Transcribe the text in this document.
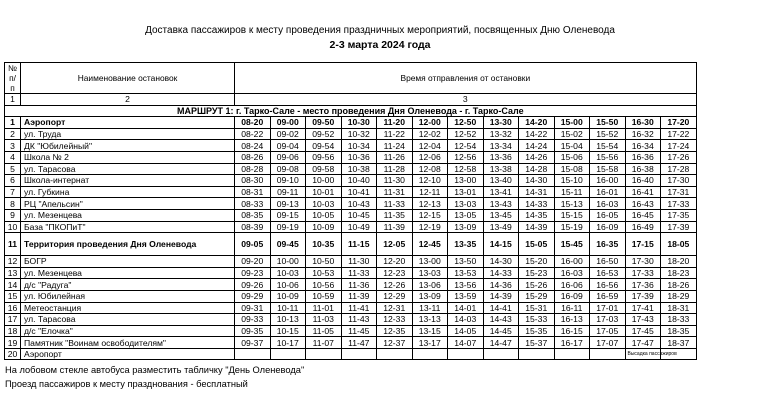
Доставка пассажиров к месту проведения праздничных мероприятий, посвященных Дню Оленевода
2-3 марта 2024 года
№
п/п	Наименование остановок	Время отправления от остановки												
1	2	3												
МАРШРУТ 1: г. Тарко-Сале - место проведения Дня Оленевода - г. Тарко-Сале														
1	Аэропорт	08-20	09-00	09-50	10-30	11-20	12-00	12-50	13-30	14-20	15-00	15-50	16-30	17-20
2	ул. Труда	08-22	09-02	09-52	10-32	11-22	12-02	12-52	13-32	14-22	15-02	15-52	16-32	17-22
3	ДК "Юбилейный"	08-24	09-04	09-54	10-34	11-24	12-04	12-54	13-34	14-24	15-04	15-54	16-34	17-24
4	Школа № 2	08-26	09-06	09-56	10-36	11-26	12-06	12-56	13-36	14-26	15-06	15-56	16-36	17-26
5	ул. Тарасова	08-28	09-08	09-58	10-38	11-28	12-08	12-58	13-38	14-28	15-08	15-58	16-38	17-28
6	Школа-интернат	08-30	09-10	10-00	10-40	11-30	12-10	13-00	13-40	14-30	15-10	16-00	16-40	17-30
7	ул. Губкина	08-31	09-11	10-01	10-41	11-31	12-11	13-01	13-41	14-31	15-11	16-01	16-41	17-31
8	РЦ "Апельсин"	08-33	09-13	10-03	10-43	11-33	12-13	13-03	13-43	14-33	15-13	16-03	16-43	17-33
9	ул. Мезенцева	08-35	09-15	10-05	10-45	11-35	12-15	13-05	13-45	14-35	15-15	16-05	16-45	17-35
10	База "ПКОПиТ"	08-39	09-19	10-09	10-49	11-39	12-19	13-09	13-49	14-39	15-19	16-09	16-49	17-39
11	Территория проведения Дня Оленевода	09-05	09-45	10-35	11-15	12-05	12-45	13-35	14-15	15-05	15-45	16-35	17-15	18-05
12	БОГР	09-20	10-00	10-50	11-30	12-20	13-00	13-50	14-30	15-20	16-00	16-50	17-30	18-20
13	ул. Мезенцева	09-23	10-03	10-53	11-33	12-23	13-03	13-53	14-33	15-23	16-03	16-53	17-33	18-23
14	д/с "Радуга"	09-26	10-06	10-56	11-36	12-26	13-06	13-56	14-36	15-26	16-06	16-56	17-36	18-26
15	ул. Юбилейная	09-29	10-09	10-59	11-39	12-29	13-09	13-59	14-39	15-29	16-09	16-59	17-39	18-29
16	Метеостанция	09-31	10-11	11-01	11-41	12-31	13-11	14-01	14-41	15-31	16-11	17-01	17-41	18-31
17	ул. Тарасова	09-33	10-13	11-03	11-43	12-33	13-13	14-03	14-43	15-33	16-13	17-03	17-43	18-33
18	д/с "Елочка"	09-35	10-15	11-05	11-45	12-35	13-15	14-05	14-45	15-35	16-15	17-05	17-45	18-35
19	Памятник "Воинам освободителям"	09-37	10-17	11-07	11-47	12-37	13-17	14-07	14-47	15-37	16-17	17-07	17-47	18-37
20	Аэропорт												Высадка пассажиров	
На лобовом стекле автобуса разместить табличку "День Оленевода"
Проезд пассажиров к месту празднования - бесплатный
